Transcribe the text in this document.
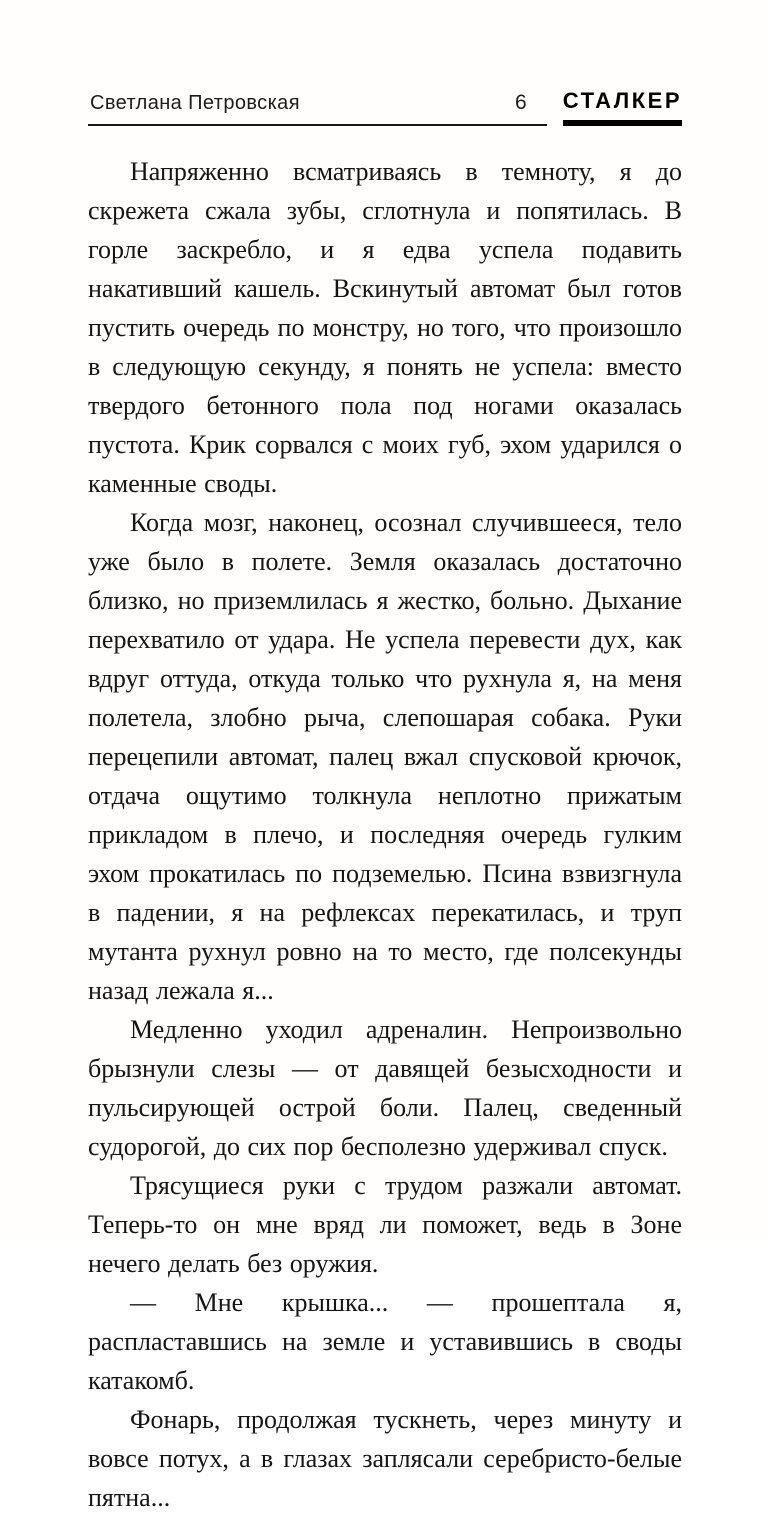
Светлана Петровская	6 СТАЛКЕР

Напряженно всматриваясь в темноту, я до скрежета сжала зубы, сглотнула и попятилась. В горле заскребло, и я едва успела подавить накативший кашель. Вскинутый автомат был готов пустить очередь по монстру, но того, что произошло в следующую секунду, я понять не успела: вместо твердого бетонного пола под ногами оказалась пустота. Крик сорвался с моих губ, эхом ударился о каменные своды.

Когда мозг, наконец, осознал случившееся, тело уже было в полете. Земля оказалась достаточно близко, но приземлилась я жестко, больно. Дыхание перехватило от удара. Не успела перевести дух, как вдруг оттуда, откуда только что рухнула я, на меня полетела, злобно рыча, слепошарая собака. Руки перецепили автомат, палец вжал спусковой крючок, отдача ощутимо толкнула неплотно прижатым прикладом в плечо, и последняя очередь гулким эхом прокатилась по подземелью. Псина взвизгнула в падении, я на рефлексах перекатилась, и труп мутанта рухнул ровно на то место, где полсекунды назад лежала я...

Медленно уходил адреналин. Непроизвольно брызнули слезы — от давящей безысходности и пульсирующей острой боли. Палец, сведенный судорогой, до сих пор бесполезно удерживал спуск.

Трясущиеся руки с трудом разжали автомат. Теперь-то он мне вряд ли поможет, ведь в Зоне нечего делать без оружия.

— Мне крышка... — прошептала я, распластавшись на земле и уставившись в своды катакомб.

Фонарь, продолжая тускнеть, через минуту и вовсе потух, а в глазах заплясали серебристо-белые пятна...
